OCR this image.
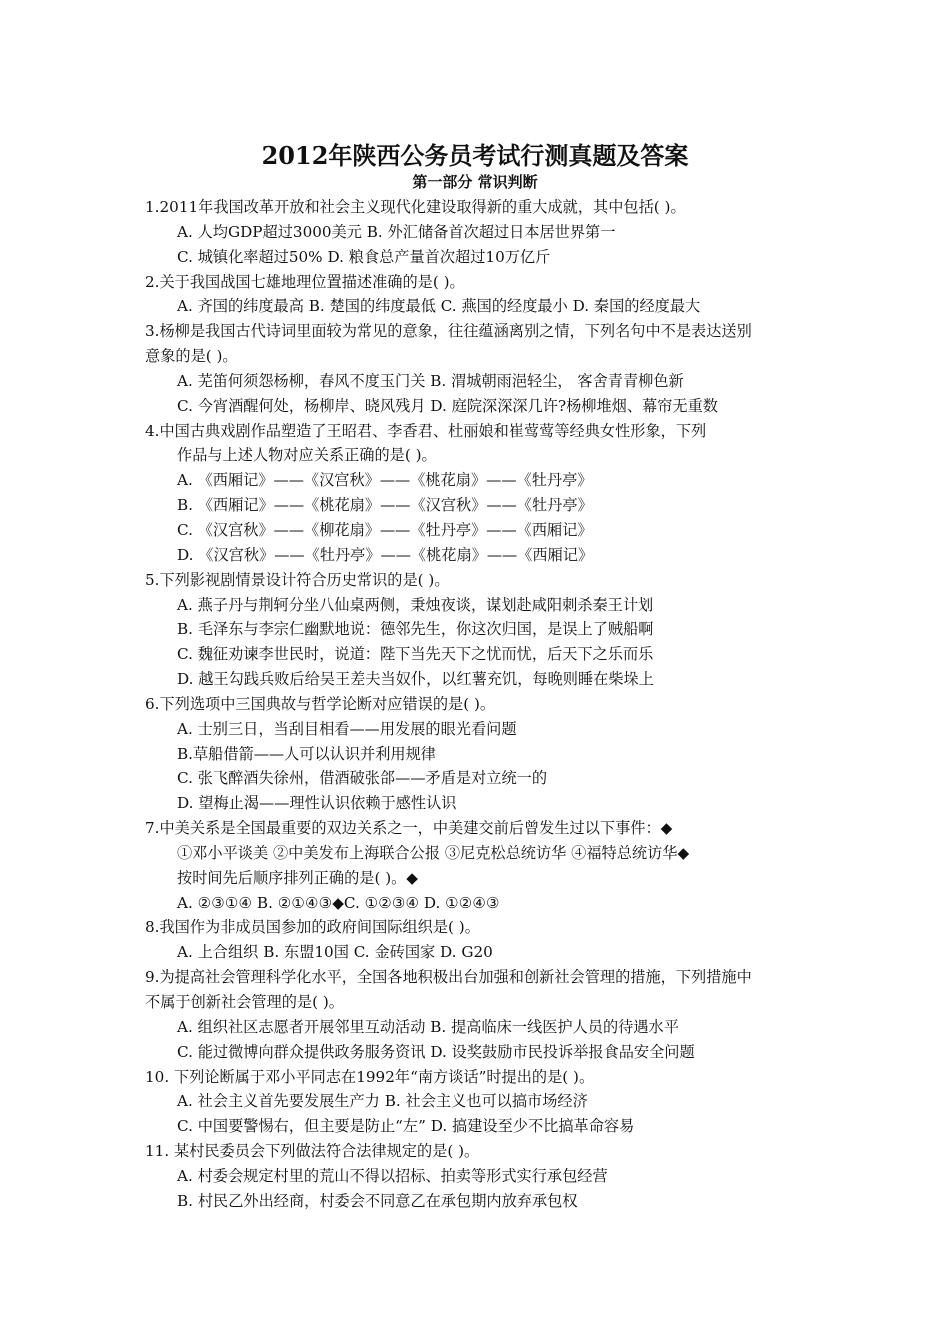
2012年陕西公务员考试行测真题及答案
第一部分 常识判断
1.2011年我国改革开放和社会主义现代化建设取得新的重大成就，其中包括( )。
A. 人均GDP超过3000美元 B. 外汇储备首次超过日本居世界第一
C. 城镇化率超过50% D. 粮食总产量首次超过10万亿斤
2.关于我国战国七雄地理位置描述准确的是( )。
A. 齐国的纬度最高 B. 楚国的纬度最低 C. 燕国的经度最小 D. 秦国的经度最大
3.杨柳是我国古代诗词里面较为常见的意象，往往蕴涵离别之情，下列名句中不是表达送别
意象的是( )。
A. 芜笛何须怨杨柳，春风不度玉门关 B. 渭城朝雨浥轻尘， 客舍青青柳色新
C. 今宵酒醒何处，杨柳岸、晓风残月 D. 庭院深深深几许?杨柳堆烟、幕帘无重数
4.中国古典戏剧作品塑造了王昭君、李香君、杜丽娘和崔莺莺等经典女性形象，下列
作品与上述人物对应关系正确的是( )。
A. 《西厢记》——《汉宫秋》——《桃花扇》——《牡丹亭》
B. 《西厢记》——《桃花扇》——《汉宫秋》——《牡丹亭》
C. 《汉宫秋》——《柳花扇》——《牡丹亭》——《西厢记》
D. 《汉宫秋》——《牡丹亭》——《桃花扇》——《西厢记》
5.下列影视剧情景设计符合历史常识的是( )。
A. 燕子丹与荆轲分坐八仙桌两侧，秉烛夜谈，谋划赴咸阳刺杀秦王计划
B. 毛泽东与李宗仁幽默地说：德邻先生，你这次归国，是误上了贼船啊
C. 魏征劝谏李世民时，说道：陛下当先天下之忧而忧，后天下之乐而乐
D. 越王勾践兵败后给吴王差夫当奴仆，以红薯充饥，每晚则睡在柴垛上
6.下列选项中三国典故与哲学论断对应错误的是( )。
A. 士别三日，当刮目相看——用发展的眼光看问题
B.草船借箭——人可以认识并利用规律
C. 张飞醉酒失徐州，借酒破张郃——矛盾是对立统一的
D. 望梅止渴——理性认识依赖于感性认识
7.中美关系是全国最重要的双边关系之一，中美建交前后曾发生过以下事件：◆
①邓小平谈美 ②中美发布上海联合公报 ③尼克松总统访华 ④福特总统访华◆
按时间先后顺序排列正确的是( )。◆
A. ②③①④ B. ②①④③◆C. ①②③④ D. ①②④③
8.我国作为非成员国参加的政府间国际组织是( )。
A. 上合组织 B. 东盟10国 C. 金砖国家 D. G20
9.为提高社会管理科学化水平，全国各地积极出台加强和创新社会管理的措施，下列措施中
不属于创新社会管理的是( )。
A. 组织社区志愿者开展邻里互动活动 B. 提高临床一线医护人员的待遇水平
C. 能过微博向群众提供政务服务资讯 D. 设奖鼓励市民投诉举报食品安全问题
10. 下列论断属于邓小平同志在1992年“南方谈话”时提出的是( )。
A. 社会主义首先要发展生产力 B. 社会主义也可以搞市场经济
C. 中国要警惕右，但主要是防止“左” D. 搞建设至少不比搞革命容易
11. 某村民委员会下列做法符合法律规定的是( )。
A. 村委会规定村里的荒山不得以招标、拍卖等形式实行承包经营
B. 村民乙外出经商，村委会不同意乙在承包期内放弃承包权
